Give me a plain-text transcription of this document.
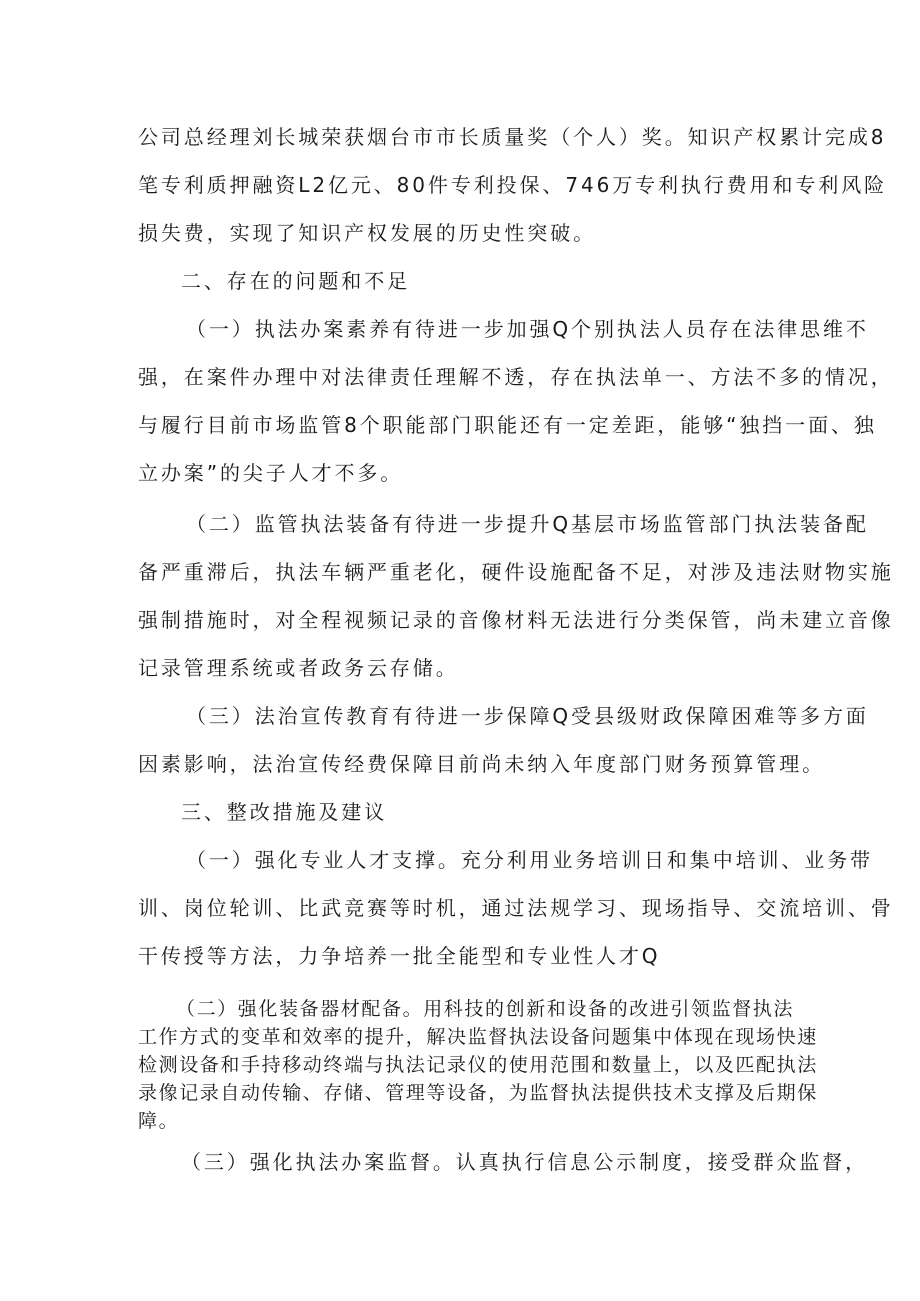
公司总经理刘长城荣获烟台市市长质量奖（个人）奖。知识产权累计完成8
笔专利质押融资L2亿元、80件专利投保、746万专利执行费用和专利风险
损失费，实现了知识产权发展的历史性突破。
二、存在的问题和不足
（一）执法办案素养有待进一步加强Q个别执法人员存在法律思维不
强，在案件办理中对法律责任理解不透，存在执法单一、方法不多的情况，
与履行目前市场监管8个职能部门职能还有一定差距，能够“独挡一面、独
立办案”的尖子人才不多。
（二）监管执法装备有待进一步提升Q基层市场监管部门执法装备配
备严重滞后，执法车辆严重老化，硬件设施配备不足，对涉及违法财物实施
强制措施时，对全程视频记录的音像材料无法进行分类保管，尚未建立音像
记录管理系统或者政务云存储。
（三）法治宣传教育有待进一步保障Q受县级财政保障困难等多方面
因素影响，法治宣传经费保障目前尚未纳入年度部门财务预算管理。
三、整改措施及建议
（一）强化专业人才支撑。充分利用业务培训日和集中培训、业务带
训、岗位轮训、比武竞赛等时机，通过法规学习、现场指导、交流培训、骨
干传授等方法，力争培养一批全能型和专业性人才Q
（二）强化装备器材配备。用科技的创新和设备的改进引领监督执法
工作方式的变革和效率的提升，解决监督执法设备问题集中体现在现场快速
检测设备和手持移动终端与执法记录仪的使用范围和数量上，以及匹配执法
录像记录自动传输、存储、管理等设备，为监督执法提供技术支撑及后期保
障。
（三）强化执法办案监督。认真执行信息公示制度，接受群众监督，
